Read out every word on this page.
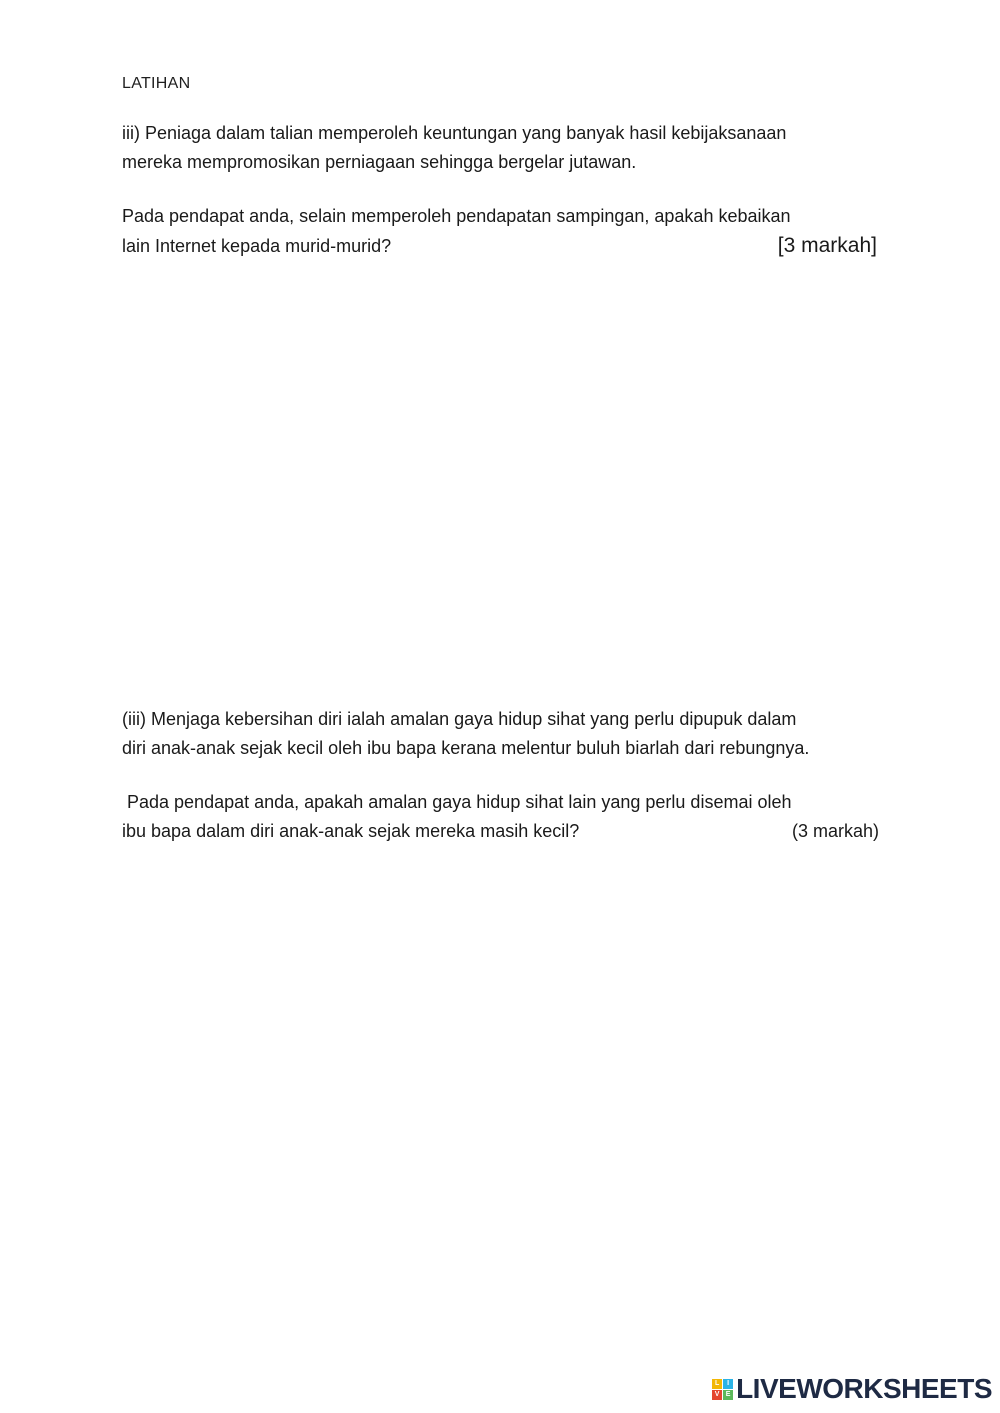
LATIHAN
iii) Peniaga dalam talian memperoleh keuntungan yang banyak hasil kebijaksanaan
mereka mempromosikan perniagaan sehingga bergelar jutawan.
Pada pendapat anda, selain memperoleh pendapatan sampingan, apakah kebaikan
lain Internet kepada murid-murid?	[3 markah]
(iii) Menjaga kebersihan diri ialah amalan gaya hidup sihat yang perlu dipupuk dalam
diri anak-anak sejak kecil oleh ibu bapa kerana melentur buluh biarlah dari rebungnya.
Pada pendapat anda, apakah amalan gaya hidup sihat lain yang perlu disemai oleh
ibu bapa dalam diri anak-anak sejak mereka masih kecil?	(3 markah)
L	I
V E LIVEWORKSHEETS
